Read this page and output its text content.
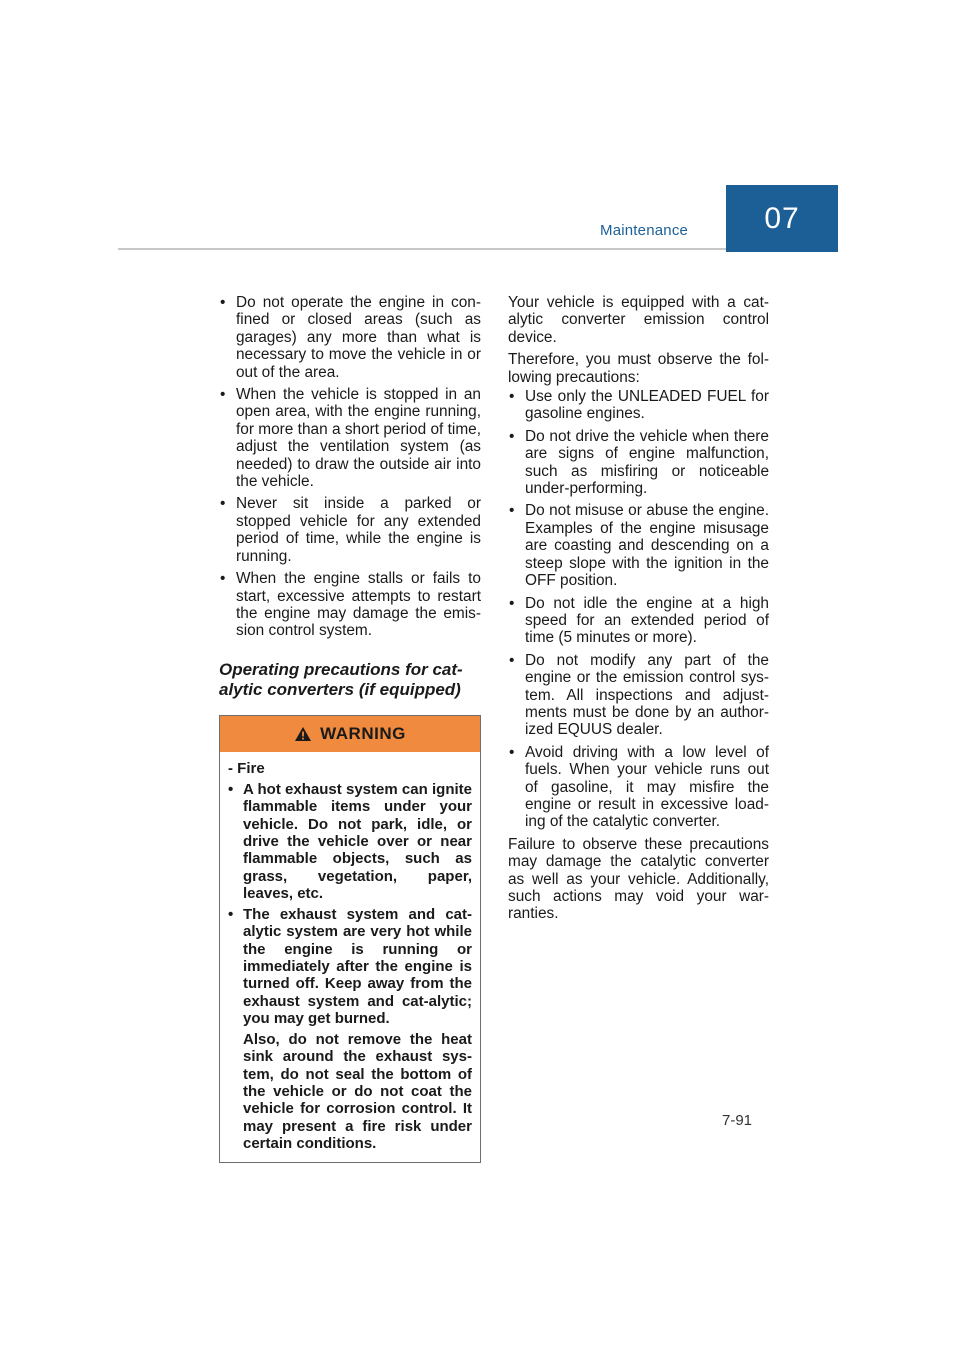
Maintenance	07
• Do not operate the engine in con-fined or closed areas (such as garages) any more than what is necessary to move the vehicle in or out of the area.
• When the vehicle is stopped in an open area, with the engine running, for more than a short period of time, adjust the ventilation system (as needed) to draw the outside air into the vehicle.
• Never sit inside a parked or stopped vehicle for any extended period of time, while the engine is running.
• When the engine stalls or fails to start, excessive attempts to restart the engine may damage the emis-sion control system.
Operating precautions for cat-alytic converters (if equipped)
WARNING
- Fire
• A hot exhaust system can ignite flammable items under your vehicle. Do not park, idle, or drive the vehicle over or near flammable objects, such as grass, vegetation, paper, leaves, etc.
• The exhaust system and cat-alytic system are very hot while the engine is running or immediately after the engine is turned off. Keep away from the exhaust system and cat-alytic; you may get burned.
Also, do not remove the heat sink around the exhaust sys-tem, do not seal the bottom of the vehicle or do not coat the vehicle for corrosion control. It may present a fire risk under certain conditions.
Your vehicle is equipped with a cat-alytic converter emission control device.
Therefore, you must observe the fol-lowing precautions:
• Use only the UNLEADED FUEL for gasoline engines.
• Do not drive the vehicle when there are signs of engine malfunction, such as misfiring or noticeable under-performing.
• Do not misuse or abuse the engine. Examples of the engine misusage are coasting and descending on a steep slope with the ignition in the OFF position.
• Do not idle the engine at a high speed for an extended period of time (5 minutes or more).
• Do not modify any part of the engine or the emission control sys-tem. All inspections and adjust-ments must be done by an author-ized EQUUS dealer.
• Avoid driving with a low level of fuels. When your vehicle runs out of gasoline, it may misfire the engine or result in excessive load-ing of the catalytic converter.
Failure to observe these precautions may damage the catalytic converter as well as your vehicle. Additionally, such actions may void your war-ranties.
7-91
